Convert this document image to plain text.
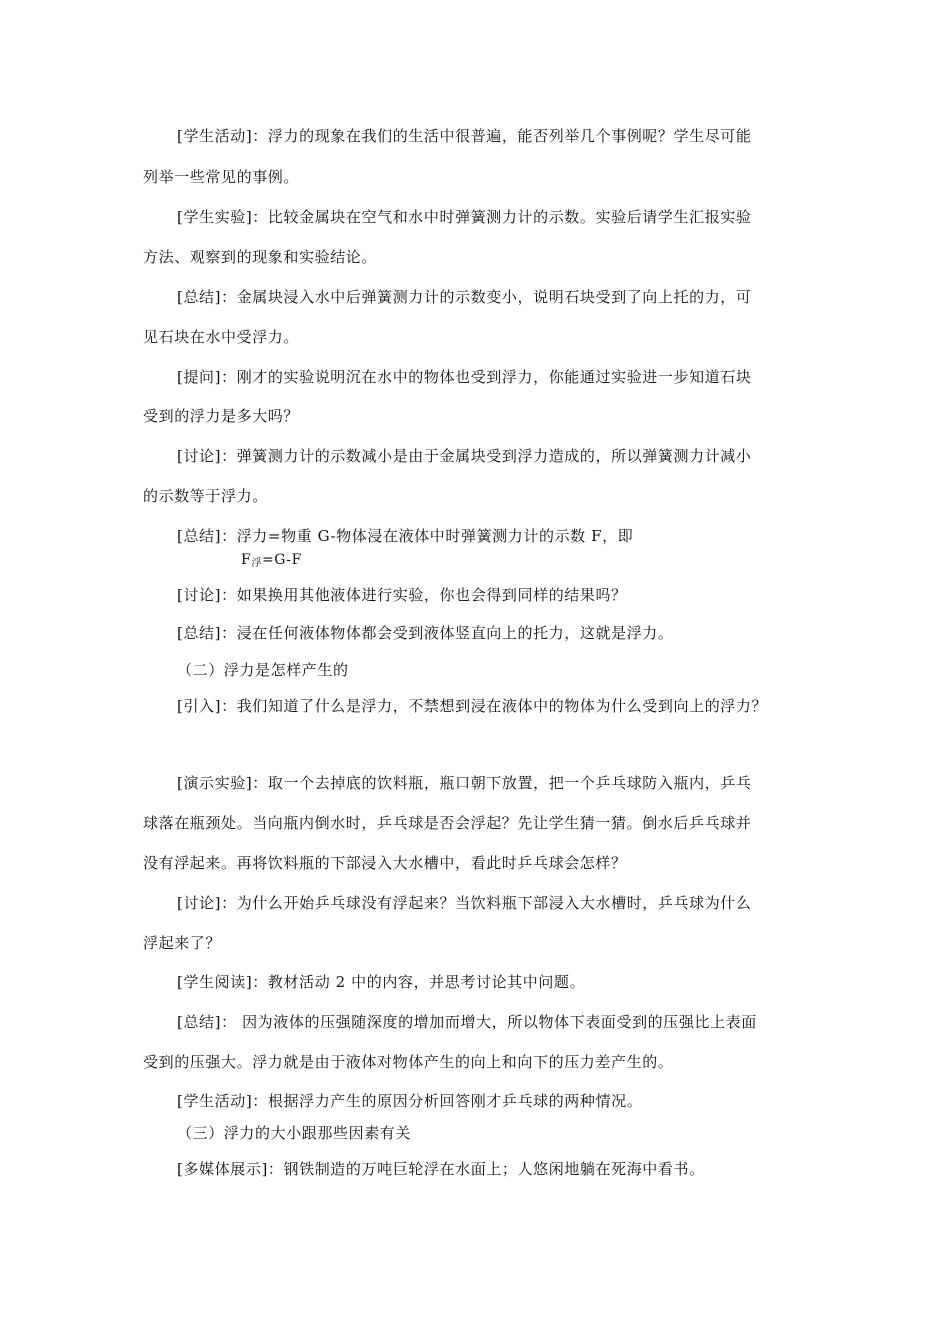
[学生活动]：浮力的现象在我们的生活中很普遍，能否列举几个事例呢？学生尽可能
列举一些常见的事例。
[学生实验]：比较金属块在空气和水中时弹簧测力计的示数。实验后请学生汇报实验
方法、观察到的现象和实验结论。
[总结]：金属块浸入水中后弹簧测力计的示数变小，说明石块受到了向上托的力，可
见石块在水中受浮力。
[提问]：刚才的实验说明沉在水中的物体也受到浮力，你能通过实验进一步知道石块
受到的浮力是多大吗？
[讨论]：弹簧测力计的示数减小是由于金属块受到浮力造成的，所以弹簧测力计减小
的示数等于浮力。
[总结]：浮力=物重 G-物体浸在液体中时弹簧测力计的示数 F，即
$F_浮=G-F$
[讨论]：如果换用其他液体进行实验，你也会得到同样的结果吗？
[总结]：浸在任何液体物体都会受到液体竖直向上的托力，这就是浮力。
（二）浮力是怎样产生的
[引入]：我们知道了什么是浮力，不禁想到浸在液体中的物体为什么受到向上的浮力？
[演示实验]：取一个去掉底的饮料瓶，瓶口朝下放置，把一个乒乓球防入瓶内，乒乓
球落在瓶颈处。当向瓶内倒水时，乒乓球是否会浮起？先让学生猜一猜。倒水后乒乓球并
没有浮起来。再将饮料瓶的下部浸入大水槽中，看此时乒乓球会怎样？
[讨论]：为什么开始乒乓球没有浮起来？当饮料瓶下部浸入大水槽时，乒乓球为什么
浮起来了？
[学生阅读]：教材活动 2 中的内容，并思考讨论其中问题。
[总结]： 因为液体的压强随深度的增加而增大，所以物体下表面受到的压强比上表面
受到的压强大。浮力就是由于液体对物体产生的向上和向下的压力差产生的。
[学生活动]：根据浮力产生的原因分析回答刚才乒乓球的两种情况。
（三）浮力的大小跟那些因素有关
[多媒体展示]：钢铁制造的万吨巨轮浮在水面上；人悠闲地躺在死海中看书。
